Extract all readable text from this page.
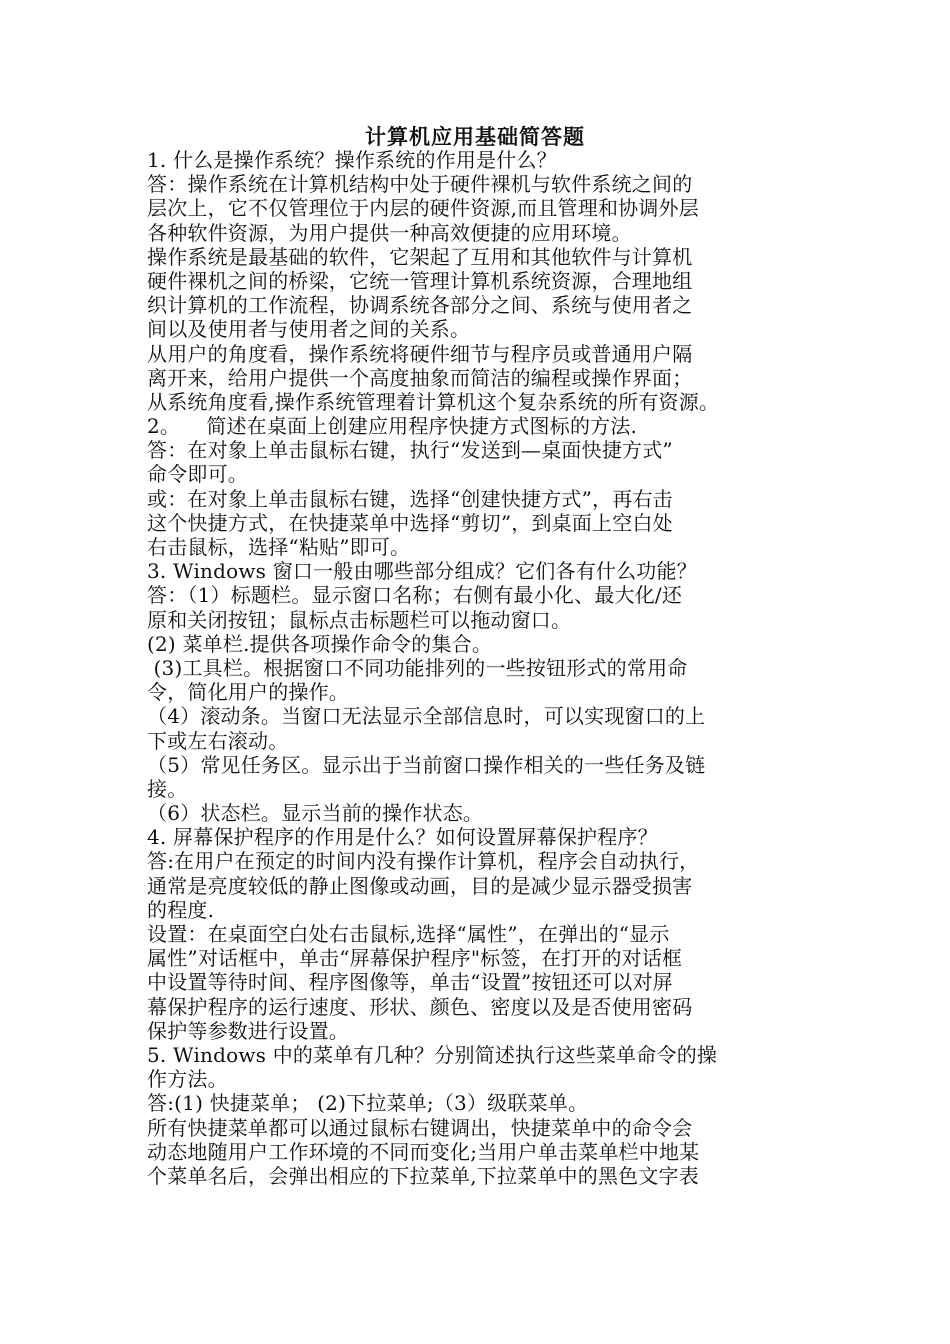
计算机应用基础简答题
1. 什么是操作系统？操作系统的作用是什么？
答：操作系统在计算机结构中处于硬件裸机与软件系统之间的
层次上，它不仅管理位于内层的硬件资源,而且管理和协调外层
各种软件资源，为用户提供一种高效便捷的应用环境。
操作系统是最基础的软件，它架起了互用和其他软件与计算机
硬件裸机之间的桥梁，它统一管理计算机系统资源，合理地组
织计算机的工作流程，协调系统各部分之间、系统与使用者之
间以及使用者与使用者之间的关系。
从用户的角度看，操作系统将硬件细节与程序员或普通用户隔
离开来，给用户提供一个高度抽象而简洁的编程或操作界面；
从系统角度看,操作系统管理着计算机这个复杂系统的所有资源。
2。    简述在桌面上创建应用程序快捷方式图标的方法.
答：在对象上单击鼠标右键，执行“发送到—桌面快捷方式”
命令即可。
或：在对象上单击鼠标右键，选择“创建快捷方式”，再右击
这个快捷方式，在快捷菜单中选择“剪切”，到桌面上空白处
右击鼠标，选择“粘贴”即可。
3. Windows 窗口一般由哪些部分组成？它们各有什么功能？
答：（1）标题栏。显示窗口名称；右侧有最小化、最大化/还
原和关闭按钮；鼠标点击标题栏可以拖动窗口。
(2) 菜单栏.提供各项操作命令的集合。
(3)工具栏。根据窗口不同功能排列的一些按钮形式的常用命
令，简化用户的操作。
（4）滚动条。当窗口无法显示全部信息时，可以实现窗口的上
下或左右滚动。
（5）常见任务区。显示出于当前窗口操作相关的一些任务及链
接。
（6）状态栏。显示当前的操作状态。
4. 屏幕保护程序的作用是什么？如何设置屏幕保护程序？
答:在用户在预定的时间内没有操作计算机，程序会自动执行，
通常是亮度较低的静止图像或动画，目的是减少显示器受损害
的程度.
设置：在桌面空白处右击鼠标,选择“属性”，在弹出的“显示
属性”对话框中，单击“屏幕保护程序"标签，在打开的对话框
中设置等待时间、程序图像等，单击“设置”按钮还可以对屏
幕保护程序的运行速度、形状、颜色、密度以及是否使用密码
保护等参数进行设置。
5. Windows 中的菜单有几种？分别简述执行这些菜单命令的操
作方法。
答:(1) 快捷菜单； (2)下拉菜单;（3）级联菜单。
所有快捷菜单都可以通过鼠标右键调出，快捷菜单中的命令会
动态地随用户工作环境的不同而变化;当用户单击菜单栏中地某
个菜单名后，会弹出相应的下拉菜单,下拉菜单中的黑色文字表
